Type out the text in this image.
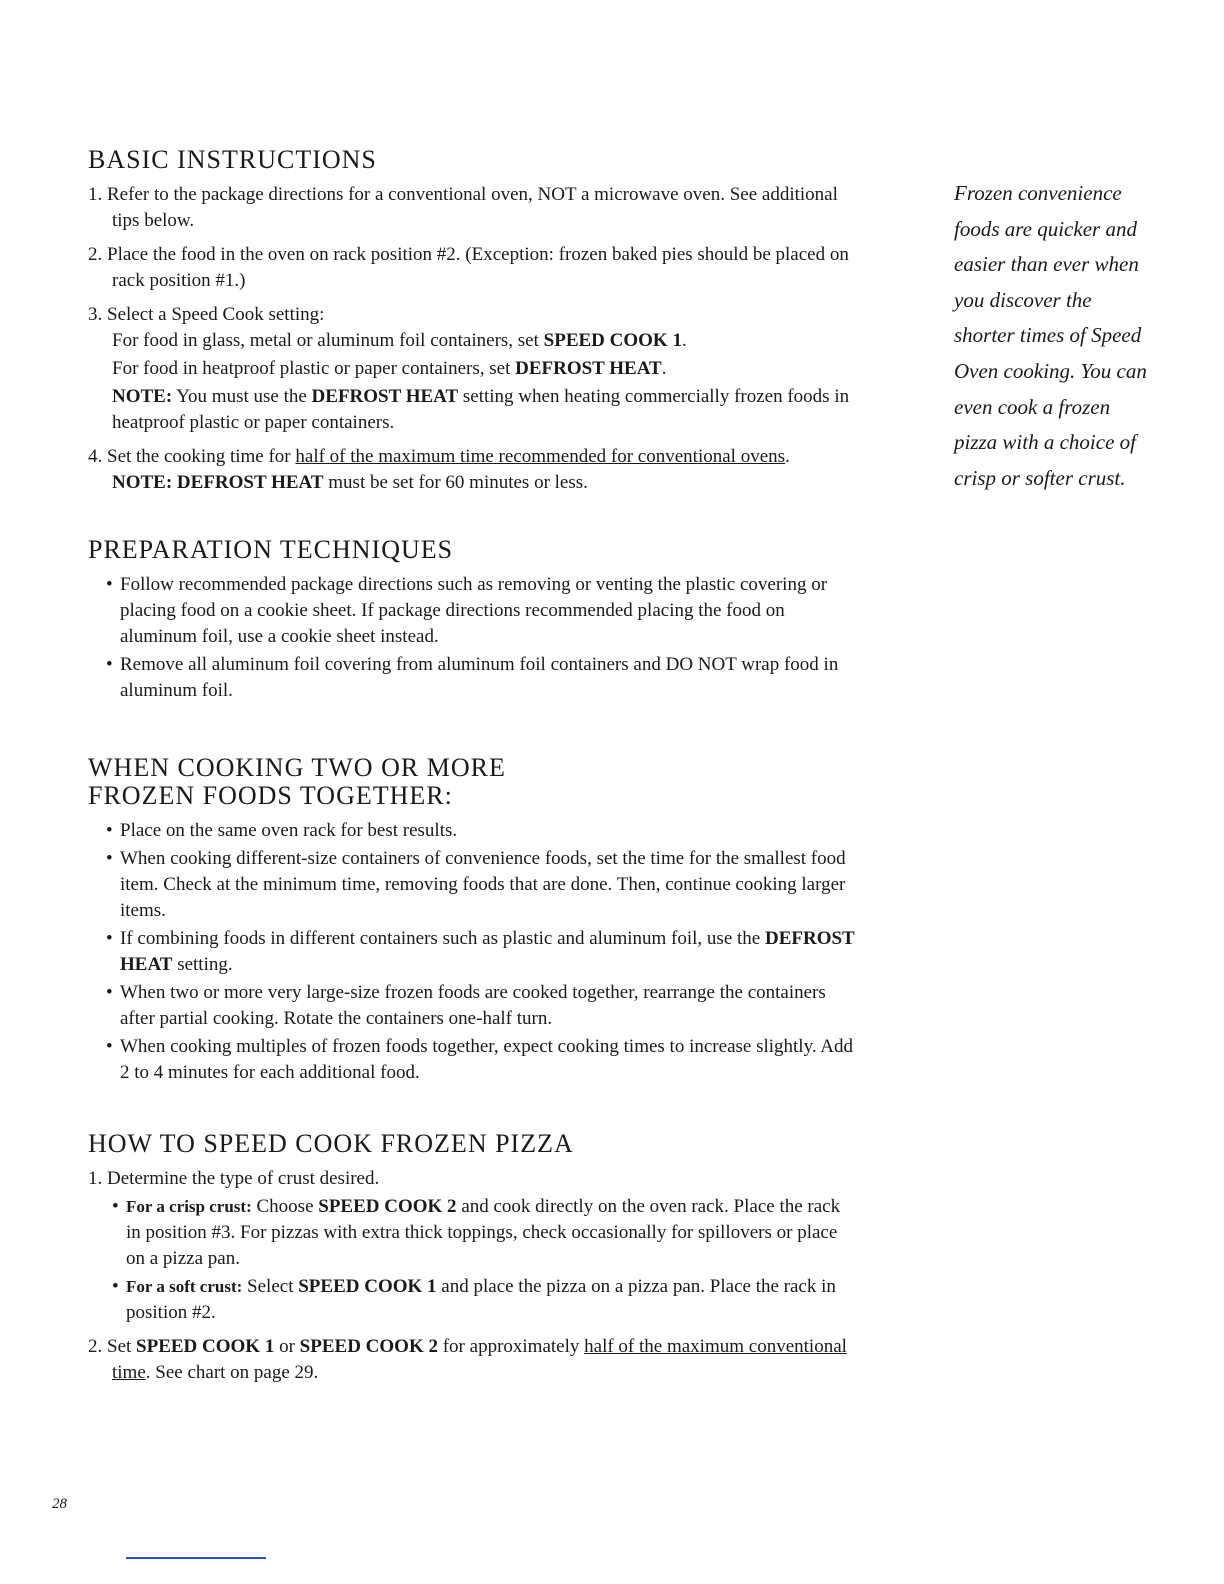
BASIC INSTRUCTIONS

1. Refer to the package directions for a conventional oven, NOT a microwave oven. See additional tips below.

2. Place the food in the oven on rack position #2. (Exception: frozen baked pies should be placed on rack position #1.)

3. Select a Speed Cook setting:

For food in glass, metal or aluminum foil containers, set SPEED COOK 1.

For food in heatproof plastic or paper containers, set DEFROST HEAT.

NOTE: You must use the DEFROST HEAT setting when heating commercially frozen foods in heatproof plastic or paper containers.

4. Set the cooking time for half of the maximum time recommended for conventional ovens.

NOTE: DEFROST HEAT must be set for 60 minutes or less.

PREPARATION TECHNIQUES
• Follow recommended package directions such as removing or venting the plastic covering or placing food on a cookie sheet. If package directions recommended placing the food on aluminum foil, use a cookie sheet instead.
• Remove all aluminum foil covering from aluminum foil containers and DO NOT wrap food in aluminum foil.
WHEN COOKING TWO OR MORE
FROZEN FOODS TOGETHER:
• Place on the same oven rack for best results.
• When cooking different-size containers of convenience foods, set the time for the smallest food item. Check at the minimum time, removing foods that are done. Then, continue cooking larger items.
• If combining foods in different containers such as plastic and aluminum foil, use the DEFROST HEAT setting.
• When two or more very large-size frozen foods are cooked together, rearrange the containers after partial cooking. Rotate the containers one-half turn.
• When cooking multiples of frozen foods together, expect cooking times to increase slightly. Add 2 to 4 minutes for each additional food.
HOW TO SPEED COOK FROZEN PIZZA

1. Determine the type of crust desired.

• For a crisp crust: Choose SPEED COOK 2 and cook directly on the oven rack. Place the rack in position #3. For pizzas with extra thick toppings, check occasionally for spillovers or place on a pizza pan.
• For a soft crust: Select SPEED COOK 1 and place the pizza on a pizza pan. Place the rack in position #2.

2. Set SPEED COOK 1 or SPEED COOK 2 for approximately half of the maximum conventional time. See chart on page 29.

Frozen convenience foods are quicker and easier than ever when you discover the shorter times of Speed Oven cooking. You can even cook a frozen pizza with a choice of crisp or softer crust.
28
